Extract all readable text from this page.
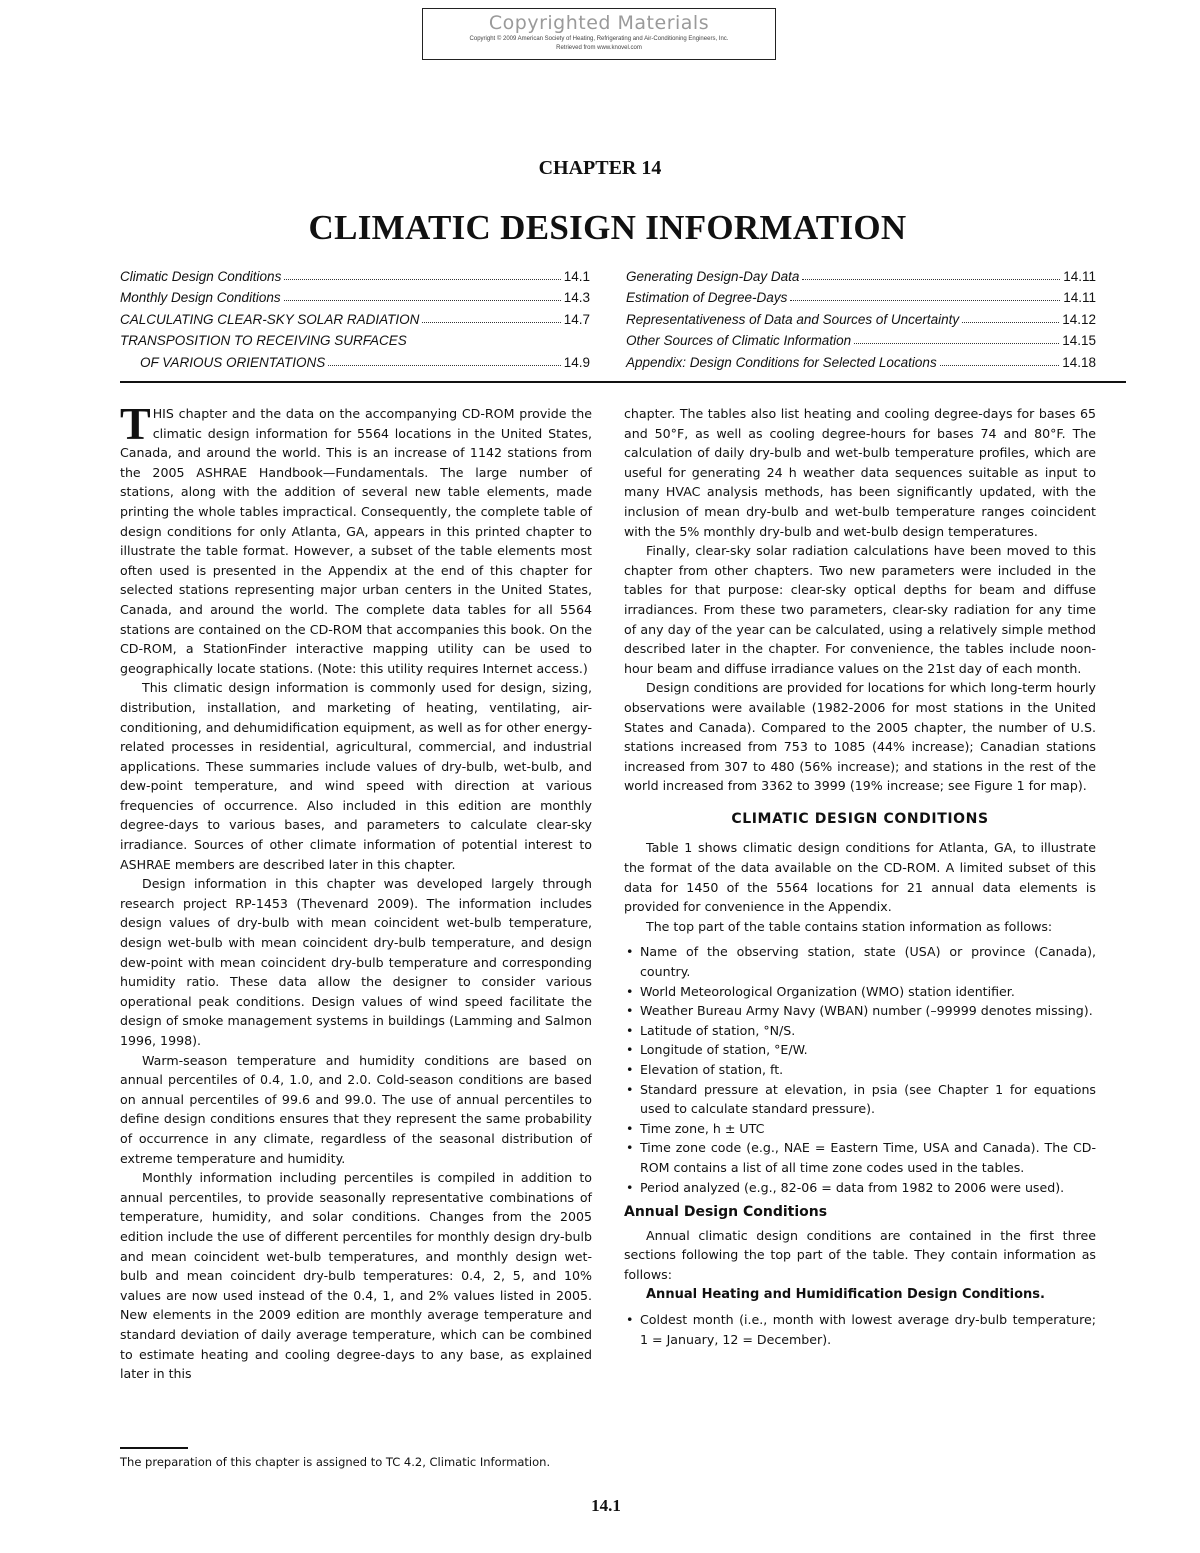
Copyrighted Materials
Copyright © 2009 American Society of Heating, Refrigerating and Air-Conditioning Engineers, Inc.
Retrieved from www.knovel.com
CHAPTER 14
CLIMATIC DESIGN INFORMATION
Climatic Design Conditions	14.1
Monthly Design Conditions	14.3
CALCULATING CLEAR-SKY SOLAR RADIATION	14.7
TRANSPOSITION TO RECEIVING SURFACES
OF VARIOUS ORIENTATIONS	14.9
Generating Design-Day Data	14.11
Estimation of Degree-Days	14.11
Representativeness of Data and Sources of Uncertainty	14.12
Other Sources of Climatic Information	14.15
Appendix: Design Conditions for Selected Locations	14.18

THIS chapter and the data on the accompanying CD-ROM provide the climatic design information for 5564 locations in the United States, Canada, and around the world. This is an increase of 1142 stations from the 2005 ASHRAE Handbook—Fundamentals. The large number of stations, along with the addition of several new table elements, made printing the whole tables impractical. Consequently, the complete table of design conditions for only Atlanta, GA, appears in this printed chapter to illustrate the table format. However, a subset of the table elements most often used is presented in the Appendix at the end of this chapter for selected stations representing major urban centers in the United States, Canada, and around the world. The complete data tables for all 5564 stations are contained on the CD-ROM that accompanies this book. On the CD-ROM, a StationFinder interactive mapping utility can be used to geographically locate stations. (Note: this utility requires Internet access.)

This climatic design information is commonly used for design, sizing, distribution, installation, and marketing of heating, ventilating, air-conditioning, and dehumidification equipment, as well as for other energy-related processes in residential, agricultural, commercial, and industrial applications. These summaries include values of dry-bulb, wet-bulb, and dew-point temperature, and wind speed with direction at various frequencies of occurrence. Also included in this edition are monthly degree-days to various bases, and parameters to calculate clear-sky irradiance. Sources of other climate information of potential interest to ASHRAE members are described later in this chapter.

Design information in this chapter was developed largely through research project RP-1453 (Thevenard 2009). The information includes design values of dry-bulb with mean coincident wet-bulb temperature, design wet-bulb with mean coincident dry-bulb temperature, and design dew-point with mean coincident dry-bulb temperature and corresponding humidity ratio. These data allow the designer to consider various operational peak conditions. Design values of wind speed facilitate the design of smoke management systems in buildings (Lamming and Salmon 1996, 1998).

Warm-season temperature and humidity conditions are based on annual percentiles of 0.4, 1.0, and 2.0. Cold-season conditions are based on annual percentiles of 99.6 and 99.0. The use of annual percentiles to define design conditions ensures that they represent the same probability of occurrence in any climate, regardless of the seasonal distribution of extreme temperature and humidity.

Monthly information including percentiles is compiled in addition to annual percentiles, to provide seasonally representative combinations of temperature, humidity, and solar conditions. Changes from the 2005 edition include the use of different percentiles for monthly design dry-bulb and mean coincident wet-bulb temperatures, and monthly design wet-bulb and mean coincident dry-bulb temperatures: 0.4, 2, 5, and 10% values are now used instead of the 0.4, 1, and 2% values listed in 2005. New elements in the 2009 edition are monthly average temperature and standard deviation of daily average temperature, which can be combined to estimate heating and cooling degree-days to any base, as explained later in this

chapter. The tables also list heating and cooling degree-days for bases 65 and 50°F, as well as cooling degree-hours for bases 74 and 80°F. The calculation of daily dry-bulb and wet-bulb temperature profiles, which are useful for generating 24 h weather data sequences suitable as input to many HVAC analysis methods, has been significantly updated, with the inclusion of mean dry-bulb and wet-bulb temperature ranges coincident with the 5% monthly dry-bulb and wet-bulb design temperatures.

Finally, clear-sky solar radiation calculations have been moved to this chapter from other chapters. Two new parameters were included in the tables for that purpose: clear-sky optical depths for beam and diffuse irradiances. From these two parameters, clear-sky radiation for any time of any day of the year can be calculated, using a relatively simple method described later in the chapter. For convenience, the tables include noon-hour beam and diffuse irradiance values on the 21st day of each month.

Design conditions are provided for locations for which long-term hourly observations were available (1982-2006 for most stations in the United States and Canada). Compared to the 2005 chapter, the number of U.S. stations increased from 753 to 1085 (44% increase); Canadian stations increased from 307 to 480 (56% increase); and stations in the rest of the world increased from 3362 to 3999 (19% increase; see Figure 1 for map).

CLIMATIC DESIGN CONDITIONS

Table 1 shows climatic design conditions for Atlanta, GA, to illustrate the format of the data available on the CD-ROM. A limited subset of this data for 1450 of the 5564 locations for 21 annual data elements is provided for convenience in the Appendix.

The top part of the table contains station information as follows:

• Name of the observing station, state (USA) or province (Canada), country.
• World Meteorological Organization (WMO) station identifier.
• Weather Bureau Army Navy (WBAN) number (–99999 denotes missing).
• Latitude of station, °N/S.
• Longitude of station, °E/W.
• Elevation of station, ft.
• Standard pressure at elevation, in psia (see Chapter 1 for equations used to calculate standard pressure).
• Time zone, h ± UTC
• Time zone code (e.g., NAE = Eastern Time, USA and Canada). The CD-ROM contains a list of all time zone codes used in the tables.
• Period analyzed (e.g., 82-06 = data from 1982 to 2006 were used).
Annual Design Conditions

Annual climatic design conditions are contained in the first three sections following the top part of the table. They contain information as follows:

Annual Heating and Humidification Design Conditions.
• Coldest month (i.e., month with lowest average dry-bulb temperature; 1 = January, 12 = December).
The preparation of this chapter is assigned to TC 4.2, Climatic Information.
14.1
